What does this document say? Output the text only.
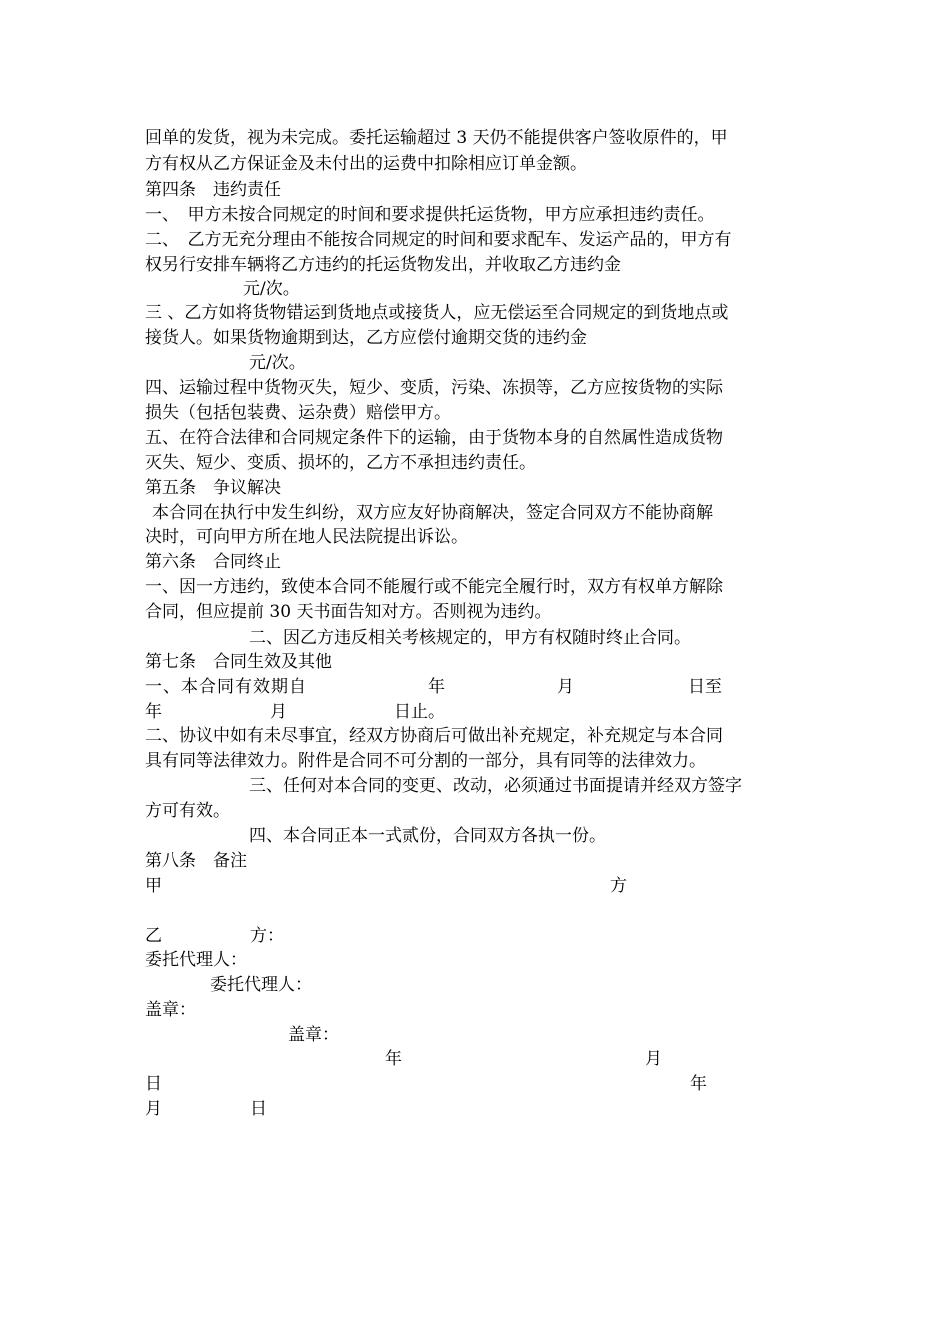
回单的发货，视为未完成。委托运输超过 3 天仍不能提供客户签收原件的，甲
方有权从乙方保证金及未付出的运费中扣除相应订单金额。
第四条　违约责任
一、　甲方未按合同规定的时间和要求提供托运货物，甲方应承担违约责任。
二、　乙方无充分理由不能按合同规定的时间和要求配车、发运产品的，甲方有
权另行安排车辆将乙方违约的托运货物发出，并收取乙方违约金
元/次。
三 、乙方如将货物错运到货地点或接货人，应无偿运至合同规定的到货地点或
接货人。如果货物逾期到达，乙方应偿付逾期交货的违约金
元/次。
四、运输过程中货物灭失，短少、变质，污染、冻损等，乙方应按货物的实际
损失（包括包装费、运杂费）赔偿甲方。
五、在符合法律和合同规定条件下的运输，由于货物本身的自然属性造成货物
灭失、短少、变质、损坏的，乙方不承担违约责任。
第五条　争议解决
本合同在执行中发生纠纷，双方应友好协商解决，签定合同双方不能协商解
决时，可向甲方所在地人民法院提出诉讼。
第六条　合同终止
一、因一方违约，致使本合同不能履行或不能完全履行时，双方有权单方解除
合同，但应提前 30 天书面告知对方。否则视为违约。
二、因乙方违反相关考核规定的，甲方有权随时终止合同。
第七条　合同生效及其他
一、本合同有效期自	年	月	日至
年	月	日止。
二、协议中如有未尽事宜，经双方协商后可做出补充规定，补充规定与本合同
具有同等法律效力。附件是合同不可分割的一部分，具有同等的法律效力。
三、任何对本合同的变更、改动，必须通过书面提请并经双方签字
方可有效。
四、本合同正本一式贰份，合同双方各执一份。
第八条　备注
甲	方
乙	方：
委托代理人：
委托代理人：
盖章：
盖章：
年	月
日	年
月	日
